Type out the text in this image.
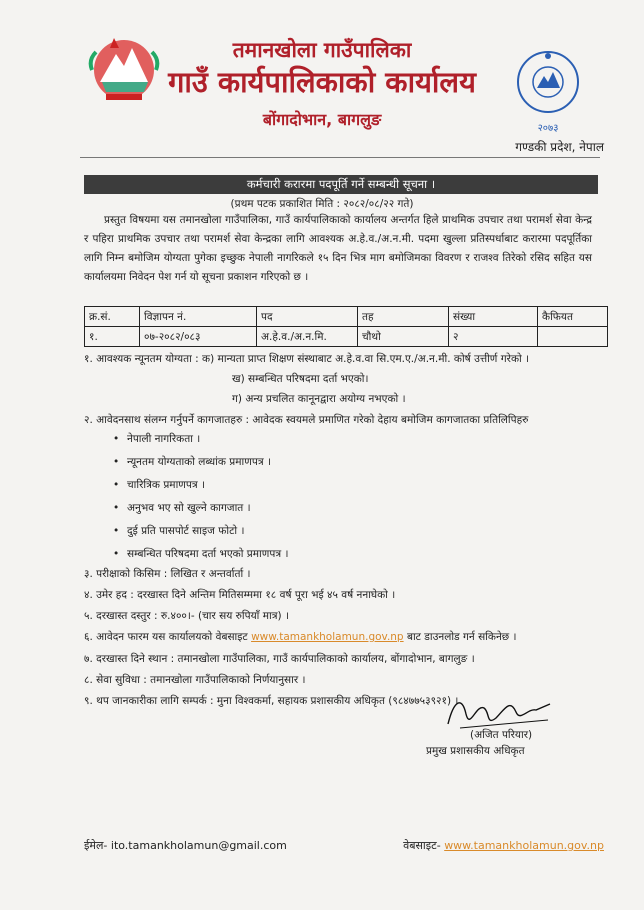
तमानखोला गाउँपालिका
गाउँ कार्यपालिकाको कार्यालय
बोंगादोभान, बागलुङ	२०७३
गण्डकी प्रदेश, नेपाल
कर्मचारी करारमा पदपूर्ति गर्ने सम्बन्धी सूचना ।
(प्रथम पटक प्रकाशित मिति : २०८२/०८/२२ गते)
प्रस्तुत विषयमा यस तमानखोला गाउँपालिका, गाउँ कार्यपालिकाको कार्यालय अन्तर्गत हिले प्राथमिक उपचार तथा परामर्श सेवा केन्द्र र पहिरा प्राथमिक उपचार तथा परामर्श सेवा केन्द्रका लागि आवश्यक अ.हे.व./अ.न.मी. पदमा खुल्ला प्रतिस्पर्धाबाट करारमा पदपूर्तिका लागि निम्न बमोजिम योग्यता पुगेका इच्छुक नेपाली नागरिकले १५ दिन भित्र माग बमोजिमका विवरण र राजश्व तिरेको रसिद सहित यस कार्यालयमा निवेदन पेश गर्न यो सूचना प्रकाशन गरिएको छ ।
क्र.सं.	विज्ञापन नं.	पद	तह	संख्या	कैफियत
१.	०७-२०८२/०८३	अ.हे.व./अ.न.मि.	चौथो	२	
१. आवश्यक न्यूनतम योग्यता : क) मान्यता प्राप्त शिक्षण संस्थाबाट अ.हे.व.वा सि.एम.ए./अ.न.मी. कोर्ष उत्तीर्ण गरेको ।
ख) सम्बन्धित परिषदमा दर्ता भएको।
ग) अन्य प्रचलित कानूनद्वारा अयोग्य नभएको ।
२. आवेदनसाथ संलग्न गर्नुपर्ने कागजातहरु : आवेदक स्वयमले प्रमाणित गरेको देहाय बमोजिम कागजातका प्रतिलिपिहरु
• नेपाली नागरिकता ।
• न्यूनतम योग्यताको लब्धांक प्रमाणपत्र ।
• चारित्रिक प्रमाणपत्र ।
• अनुभव भए सो खुल्ने कागजात ।
• दुई प्रति पासपोर्ट साइज फोटो ।
• सम्बन्धित परिषदमा दर्ता भएको प्रमाणपत्र ।
३. परीक्षाको किसिम : लिखित र अन्तर्वार्ता ।
४. उमेर हद : दरखास्त दिने अन्तिम मितिसम्ममा १८ वर्ष पूरा भई ४५ वर्ष ननाघेको ।
५. दरखास्त दस्तुर : रु.४००।- (चार सय रुपियाँ मात्र) ।
६. आवेदन फारम यस कार्यालयको वेबसाइट www.tamankholamun.gov.np बाट डाउनलोड गर्न सकिनेछ ।
७. दरखास्त दिने स्थान : तमानखोला गाउँपालिका, गाउँ कार्यपालिकाको कार्यालय, बोंगादोभान, बागलुङ ।
८. सेवा सुविधा : तमानखोला गाउँपालिकाको निर्णयानुसार ।
९. थप जानकारीका लागि सम्पर्क : मुना विश्वकर्मा, सहायक प्रशासकीय अधिकृत (९८४७७५३९२१) ।
(अजित परियार)
प्रमुख प्रशासकीय अधिकृत
ईमेल- ito.tamankholamun@gmail.com	वेबसाइट- www.tamankholamun.gov.np
